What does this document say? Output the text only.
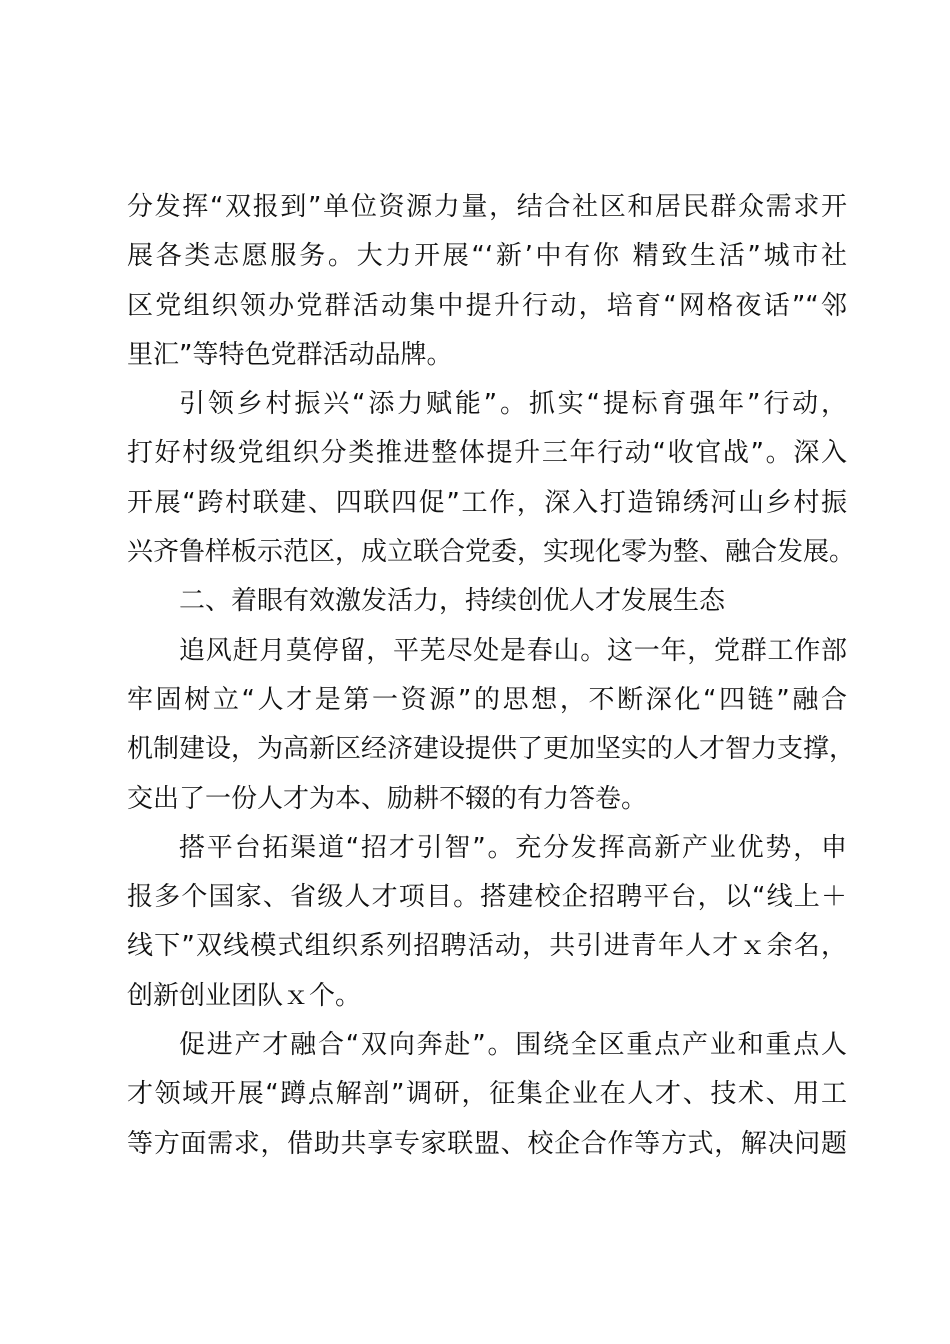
分发挥“双报到”单位资源力量，结合社区和居民群众需求开
展各类志愿服务。大力开展“‘新’中有你 精致生活”城市社
区党组织领办党群活动集中提升行动，培育“网格夜话”“邻
里汇”等特色党群活动品牌。
引领乡村振兴“添力赋能”。抓实“提标育强年”行动，
打好村级党组织分类推进整体提升三年行动“收官战”。深入
开展“跨村联建、四联四促”工作，深入打造锦绣河山乡村振
兴齐鲁样板示范区，成立联合党委，实现化零为整、融合发展。
二、着眼有效激发活力，持续创优人才发展生态
追风赶月莫停留，平芜尽处是春山。这一年，党群工作部
牢固树立“人才是第一资源”的思想，不断深化“四链”融合
机制建设，为高新区经济建设提供了更加坚实的人才智力支撑，
交出了一份人才为本、励耕不辍的有力答卷。
搭平台拓渠道“招才引智”。充分发挥高新产业优势，申
报多个国家、省级人才项目。搭建校企招聘平台，以“线上＋
线下”双线模式组织系列招聘活动，共引进青年人才ｘ余名，
创新创业团队ｘ个。
促进产才融合“双向奔赴”。围绕全区重点产业和重点人
才领域开展“蹲点解剖”调研，征集企业在人才、技术、用工
等方面需求，借助共享专家联盟、校企合作等方式，解决问题
